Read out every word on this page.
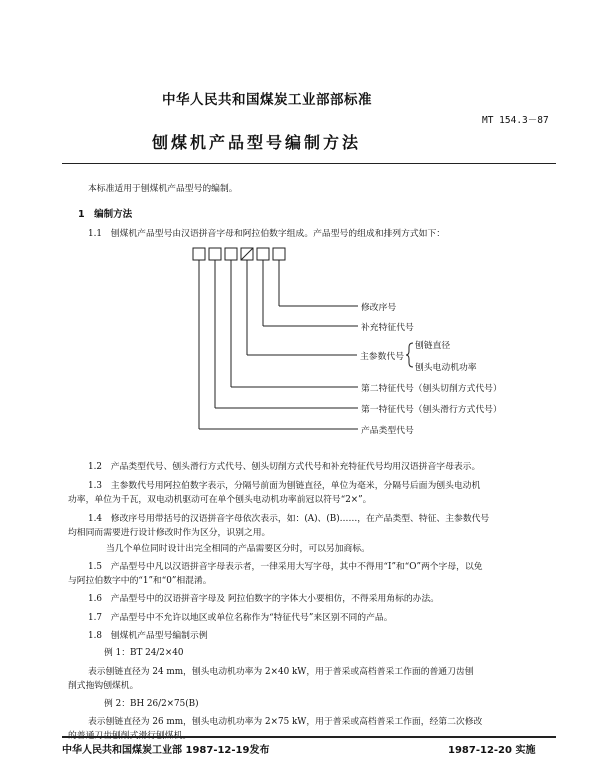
中华人民共和国煤炭工业部部标准
MT 154.3－87
刨煤机产品型号编制方法
本标准适用于刨煤机产品型号的编制。
1　编制方法
1.1　刨煤机产品型号由汉语拼音字母和阿拉伯数字组成。产品型号的组成和排列方式如下：
修改序号
补充特征代号
主参数代号
刨链直径
刨头电动机功率
第二特征代号（刨头切削方式代号）
第一特征代号（刨头滑行方式代号）
产品类型代号
1.2　产品类型代号、刨头滑行方式代号、刨头切削方式代号和补充特征代号均用汉语拼音字母表示。
1.3　主参数代号用阿拉伯数字表示，分隔号前面为刨链直径，单位为毫米，分隔号后面为刨头电动机
功率，单位为千瓦，双电动机驱动可在单个刨头电动机功率前冠以符号“2×”。
1.4　修改序号用带括号的汉语拼音字母依次表示，如：(A)、(B)……，在产品类型、特征、主参数代号
均相同而需要进行设计修改时作为区分，识别之用。
当几个单位同时设计出完全相同的产品需要区分时，可以另加商标。
1.5　产品型号中凡以汉语拼音字母表示者，一律采用大写字母，其中不得用“I”和“O”两个字母，以免
与阿拉伯数字中的“1”和“0”相混淆。
1.6　产品型号中的汉语拼音字母及 阿拉伯数字的字体大小要相仿，不得采用角标的办法。
1.7　产品型号中不允许以地区或单位名称作为“特征代号”来区别不同的产品。
1.8　刨煤机产品型号编制示例
例 1：BT 24/2×40
表示刨链直径为 24 mm，刨头电动机功率为 2×40 kW，用于普采或高档普采工作面的普通刀齿刨
削式拖钩刨煤机。
例 2：BH 26/2×75(B)
表示刨链直径为 26 mm，刨头电动机功率为 2×75 kW，用于普采或高档普采工作面，经第二次修改
的普通刀齿刨削式滑行刨煤机。
中华人民共和国煤炭工业部 1987-12-19发布	1987-12-20 实施
